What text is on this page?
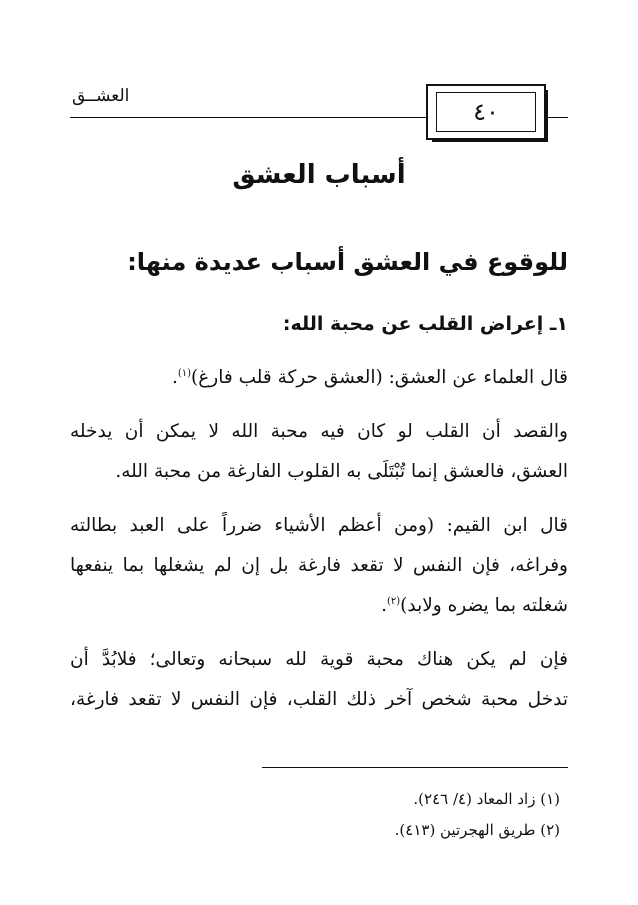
العشــق
٤٠
أسباب العشق
للوقوع في العشق أسباب عديدة منها:
١ـ إعراض القلب عن محبة الله:
قال العلماء عن العشق: (العشق حركة قلب فارغ)$^{(١)}$.
والقصد أن القلب لو كان فيه محبة الله لا يمكن أن يدخله
العشق، فالعشق إنما تُبْتَلَى به القلوب الفارغة من محبة الله.
قال ابن القيم: (ومن أعظم الأشياء ضرراً على العبد بطالته
وفراغه، فإن النفس لا تقعد فارغة بل إن لم يشغلها بما ينفعها
شغلته بما يضره ولابد)$^{(٢)}$.
فإن لم يكن هناك محبة قوية لله سبحانه وتعالى؛ فلابُدَّ أن
تدخل محبة شخص آخر ذلك القلب، فإن النفس لا تقعد فارغة،
(١) زاد المعاد (٤/ ٢٤٦).
(٢) طريق الهجرتين (٤١٣).
